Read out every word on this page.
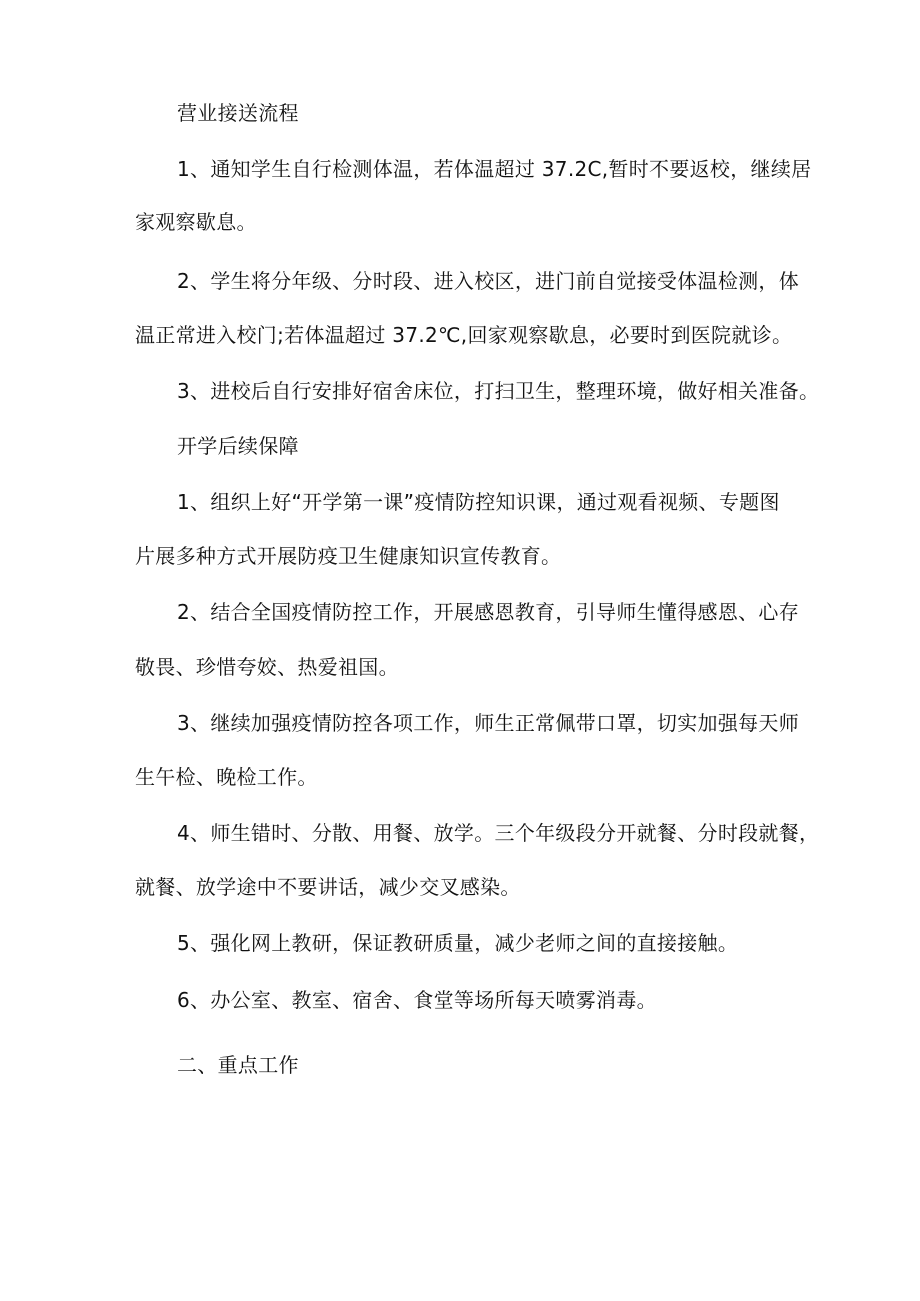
营业接送流程
1、通知学生自行检测体温，若体温超过 37.2C,暂时不要返校，继续居
家观察歇息。
2、学生将分年级、分时段、进入校区，进门前自觉接受体温检测，体
温正常进入校门;若体温超过 37.2℃,回家观察歇息，必要时到医院就诊。
3、进校后自行安排好宿舍床位，打扫卫生，整理环境，做好相关准备。
开学后续保障
1、组织上好“开学第一课”疫情防控知识课，通过观看视频、专题图
片展多种方式开展防疫卫生健康知识宣传教育。
2、结合全国疫情防控工作，开展感恩教育，引导师生懂得感恩、心存
敬畏、珍惜夸姣、热爱祖国。
3、继续加强疫情防控各项工作，师生正常佩带口罩，切实加强每天师
生午检、晚检工作。
4、师生错时、分散、用餐、放学。三个年级段分开就餐、分时段就餐，
就餐、放学途中不要讲话，减少交叉感染。
5、强化网上教研，保证教研质量，减少老师之间的直接接触。
6、办公室、教室、宿舍、食堂等场所每天喷雾消毒。
二、重点工作
